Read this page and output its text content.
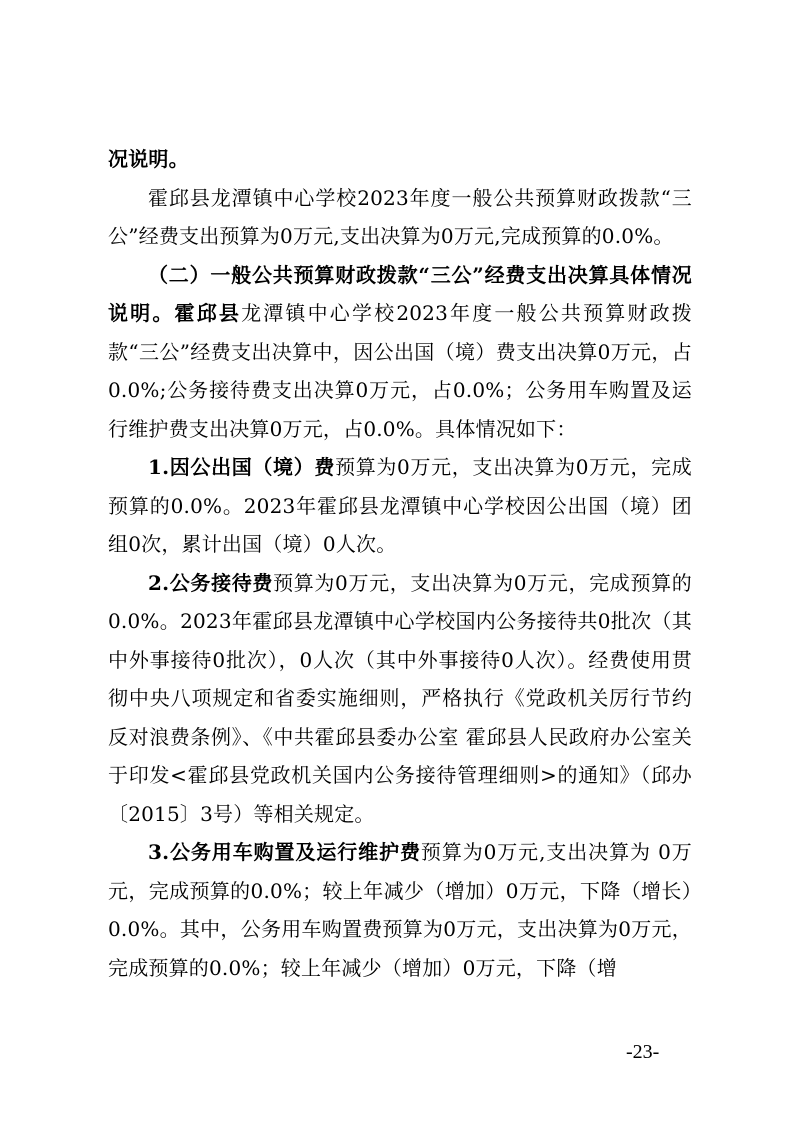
况说明。

霍邱县龙潭镇中心学校2023年度一般公共预算财政拨款“三公”经费支出预算为0万元,支出决算为0万元,完成预算的0.0%。

（二）一般公共预算财政拨款“三公”经费支出决算具体情况说明。霍邱县龙潭镇中心学校2023年度一般公共预算财政拨款“三公”经费支出决算中，因公出国（境）费支出决算0万元，占0.0%;公务接待费支出决算0万元，占0.0%；公务用车购置及运行维护费支出决算0万元，占0.0%。具体情况如下：

1.因公出国（境）费预算为0万元，支出决算为0万元，完成预算的0.0%。2023年霍邱县龙潭镇中心学校因公出国（境）团组0次，累计出国（境）0人次。

2.公务接待费预算为0万元，支出决算为0万元，完成预算的0.0%。2023年霍邱县龙潭镇中心学校国内公务接待共0批次（其中外事接待0批次），0人次（其中外事接待0人次）。经费使用贯彻中央八项规定和省委实施细则，严格执行《党政机关厉行节约反对浪费条例》、《中共霍邱县委办公室 霍邱县人民政府办公室关于印发<霍邱县党政机关国内公务接待管理细则>的通知》（邱办〔2015〕3号）等相关规定。

3.公务用车购置及运行维护费预算为0万元,支出决算为 0万元，完成预算的0.0%；较上年减少（增加）0万元，下降（增长）0.0%。其中，公务用车购置费预算为0万元，支出决算为0万元，完成预算的0.0%；较上年减少（增加）0万元，下降（增

-23-
